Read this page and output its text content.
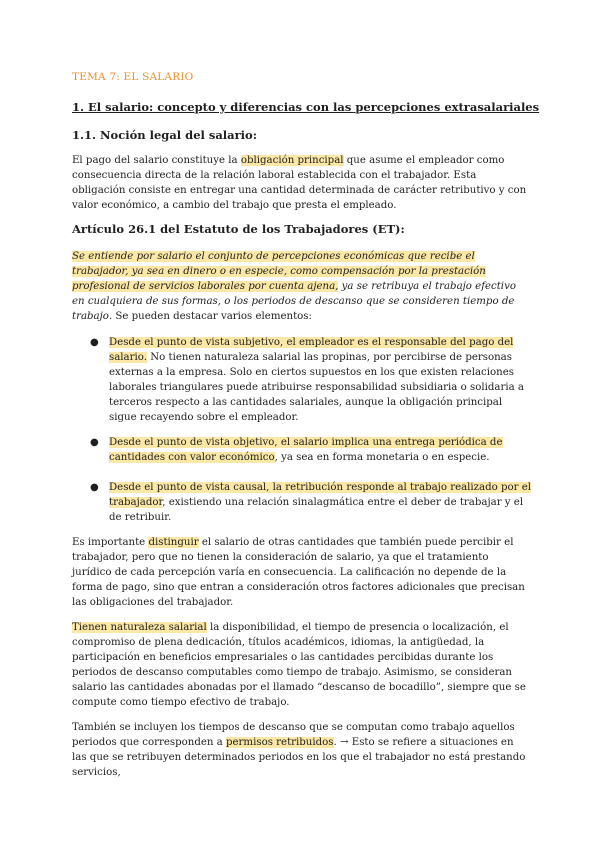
TEMA 7: EL SALARIO
1. El salario: concepto y diferencias con las percepciones extrasalariales
1.1. Noción legal del salario:

El pago del salario constituye la obligación principal que asume el empleador como consecuencia directa de la relación laboral establecida con el trabajador. Esta obligación consiste en entregar una cantidad determinada de carácter retributivo y con valor económico, a cambio del trabajo que presta el empleado.

Artículo 26.1 del Estatuto de los Trabajadores (ET):

Se entiende por salario el conjunto de percepciones económicas que recibe el trabajador, ya sea en dinero o en especie, como compensación por la prestación profesional de servicios laborales por cuenta ajena, ya se retribuya el trabajo efectivo en cualquiera de sus formas, o los periodos de descanso que se consideren tiempo de trabajo. Se pueden destacar varios elementos:

● Desde el punto de vista subjetivo, el empleador es el responsable del pago del salario. No tienen naturaleza salarial las propinas, por percibirse de personas externas a la empresa. Solo en ciertos supuestos en los que existen relaciones laborales triangulares puede atribuirse responsabilidad subsidiaria o solidaria a terceros respecto a las cantidades salariales, aunque la obligación principal sigue recayendo sobre el empleador.
● Desde el punto de vista objetivo, el salario implica una entrega periódica de cantidades con valor económico, ya sea en forma monetaria o en especie.
● Desde el punto de vista causal, la retribución responde al trabajo realizado por el trabajador, existiendo una relación sinalagmática entre el deber de trabajar y el de retribuir.

Es importante distinguir el salario de otras cantidades que también puede percibir el trabajador, pero que no tienen la consideración de salario, ya que el tratamiento jurídico de cada percepción varía en consecuencia. La calificación no depende de la forma de pago, sino que entran a consideración otros factores adicionales que precisan las obligaciones del trabajador.

Tienen naturaleza salarial la disponibilidad, el tiempo de presencia o localización, el compromiso de plena dedicación, títulos académicos, idiomas, la antigüedad, la participación en beneficios empresariales o las cantidades percibidas durante los periodos de descanso computables como tiempo de trabajo. Asimismo, se consideran salario las cantidades abonadas por el llamado “descanso de bocadillo”, siempre que se compute como tiempo efectivo de trabajo.

También se incluyen los tiempos de descanso que se computan como trabajo aquellos periodos que corresponden a permisos retribuidos. → Esto se refiere a situaciones en las que se retribuyen determinados periodos en los que el trabajador no está prestando servicios,
